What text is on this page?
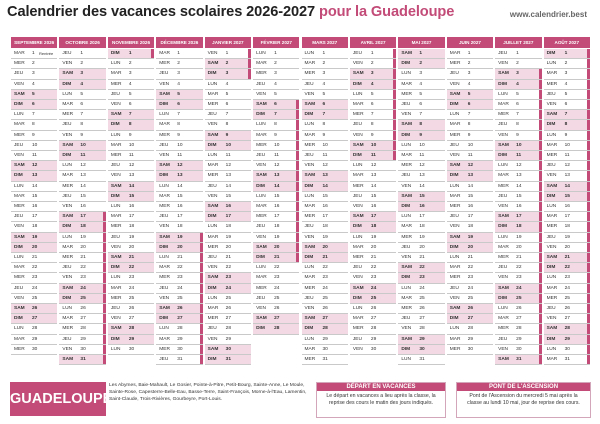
Calendrier des vacances scolaires 2026-2027 pour la Guadeloupe	www.calendrier.best
SEPTEMBRE 2026
MAR 1 Rentrée
MER 2
JEU 3
VEN 4
SAM 5
DIM 6
LUN 7
MAR 8
MER 9
JEU 10
VEN 11
SAM 12
DIM 13
LUN 14
MAR 15
MER 16
JEU 17
VEN 18
SAM 19
DIM 20
LUN 21
MAR 22
MER 23
JEU 24
VEN 25
SAM 26
DIM 27
LUN 28
MAR 29
MER 30
OCTOBRE 2026
JEU 1
VEN 2
SAM 3
DIM 4
LUN 5
MAR 6
MER 7
JEU 8
VEN 9
SAM 10
DIM 11
LUN 12
MAR 13
MER 14
JEU 15
VEN 16
SAM 17
DIM 18
LUN 19
MAR 20
MER 21
JEU 22
VEN 23
SAM 24
DIM 25
LUN 26
MAR 27
MER 28
JEU 29
VEN 30
SAM 31
NOVEMBRE 2026
DIM 1
LUN 2
MAR 3
MER 4
JEU 5
VEN 6
SAM 7
DIM 8
LUN 9
MAR 10
MER 11
JEU 12
VEN 13
SAM 14
DIM 15
LUN 16
MAR 17
MER 18
JEU 19
VEN 20
SAM 21
DIM 22
LUN 23
MAR 24
MER 25
JEU 26
VEN 27
SAM 28
DIM 29
LUN 30
DÉCEMBRE 2026
MAR 1
MER 2
JEU 3
VEN 4
SAM 5
DIM 6
LUN 7
MAR 8
MER 9
JEU 10
VEN 11
SAM 12
DIM 13
LUN 14
MAR 15
MER 16
JEU 17
VEN 18
SAM 19
DIM 20
LUN 21
MAR 22
MER 23
JEU 24
VEN 25
SAM 26
DIM 27
LUN 28
MAR 29
MER 30
JEU 31
JANVIER 2027
VEN 1
SAM 2
DIM 3
LUN 4
MAR 5
MER 6
JEU 7
VEN 8
SAM 9
DIM 10
LUN 11
MAR 12
MER 13
JEU 14
VEN 15
SAM 16
DIM 17
LUN 18
MAR 19
MER 20
JEU 21
VEN 22
SAM 23
DIM 24
LUN 25
MAR 26
MER 27
JEU 28
VEN 29
SAM 30
DIM 31
FÉVRIER 2027
LUN 1
MAR 2
MER 3
JEU 4
VEN 5
SAM 6
DIM 7
LUN 8
MAR 9
MER 10
JEU 11
VEN 12
SAM 13
DIM 14
LUN 15
MAR 16
MER 17
JEU 18
VEN 19
SAM 20
DIM 21
LUN 22
MAR 23
MER 24
JEU 25
VEN 26
SAM 27
DIM 28
MARS 2027
LUN 1
MAR 2
MER 3
JEU 4
VEN 5
SAM 6
DIM 7
LUN 8
MAR 9
MER 10
JEU 11
VEN 12
SAM 13
DIM 14
LUN 15
MAR 16
MER 17
JEU 18
VEN 19
SAM 20
DIM 21
LUN 22
MAR 23
MER 24
JEU 25
VEN 26
SAM 27
DIM 28
LUN 29
MAR 30
MER 31
AVRIL 2027
JEU 1
VEN 2
SAM 3
DIM 4
LUN 5
MAR 6
MER 7
JEU 8
VEN 9
SAM 10
DIM 11
LUN 12
MAR 13
MER 14
JEU 15
VEN 16
SAM 17
DIM 18
LUN 19
MAR 20
MER 21
JEU 22
VEN 23
SAM 24
DIM 25
LUN 26
MAR 27
MER 28
JEU 29
VEN 30
MAI 2027
SAM 1
DIM 2
LUN 3
MAR 4
MER 5
JEU 6
VEN 7
SAM 8
DIM 9
LUN 10
MAR 11
MER 12
JEU 13
VEN 14
SAM 15
DIM 16
LUN 17
MAR 18
MER 19
JEU 20
VEN 21
SAM 22
DIM 23
LUN 24
MAR 25
MER 26
JEU 27
VEN 28
SAM 29
DIM 30
LUN 31
JUIN 2027
MAR 1
MER 2
JEU 3
VEN 4
SAM 5
DIM 6
LUN 7
MAR 8
MER 9
JEU 10
VEN 11
SAM 12
DIM 13
LUN 14
MAR 15
MER 16
JEU 17
VEN 18
SAM 19
DIM 20
LUN 21
MAR 22
MER 23
JEU 24
VEN 25
SAM 26
DIM 27
LUN 28
MAR 29
MER 30
JUILLET 2027
JEU 1
VEN 2
SAM 3
DIM 4
LUN 5
MAR 6
MER 7
JEU 8
VEN 9
SAM 10
DIM 11
LUN 12
MAR 13
MER 14
JEU 15
VEN 16
SAM 17
DIM 18
LUN 19
MAR 20
MER 21
JEU 22
VEN 23
SAM 24
DIM 25
LUN 26
MAR 27
MER 28
JEU 29
VEN 30
SAM 31
AOÛT 2027
DIM 1
LUN 2
MAR 3
MER 4
JEU 5
VEN 6
SAM 7
DIM 8
LUN 9
MAR 10
MER 11
JEU 12
VEN 13
SAM 14
DIM 15
LUN 16
MAR 17
MER 18
JEU 19
VEN 20
SAM 21
DIM 22
LUN 23
MAR 24
MER 25
JEU 26
VEN 27
SAM 28
DIM 29
LUN 30
MAR 31
GUADELOUPE
Les Abymes, Baie-Mahault, Le Gosier, Pointe-à-Pitre, Petit-Bourg, Sainte-Anne, Le Moule, Sainte-Rose, Capesterre-Belle-Eau, Basse-Terre, Saint-François, Morne-à-l'Eau, Lamentin, Saint-Claude, Trois-Rivières, Gourbeyre, Port-Louis.
DÉPART EN VACANCES
Le départ en vacances a lieu après la classe, la reprise des cours le matin des jours indiqués.
PONT DE L'ASCENSION
Pont de l'Ascension du mercredi 5 mai après la classe au lundi 10 mai, jour de reprise des cours.
